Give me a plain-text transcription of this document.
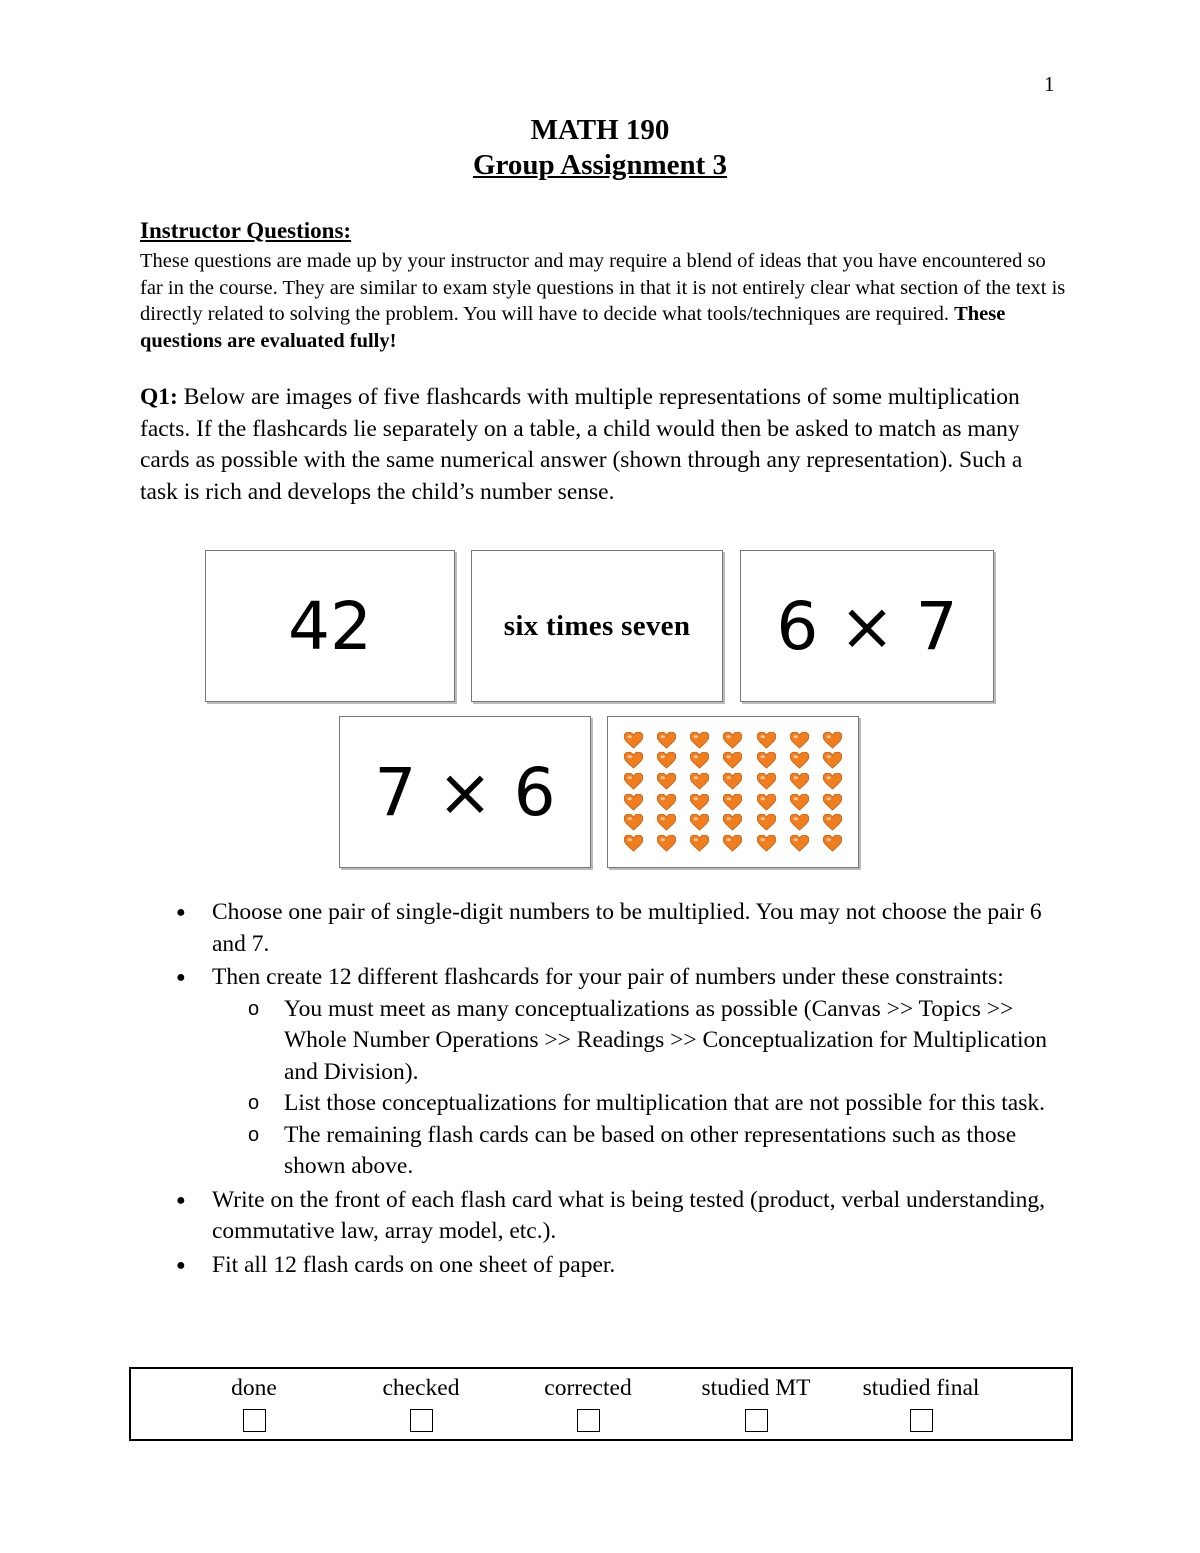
1
MATH 190
Group Assignment 3
Instructor Questions:
These questions are made up by your instructor and may require a blend of ideas that you have encountered so far in the course. They are similar to exam style questions in that it is not entirely clear what section of the text is directly related to solving the problem. You will have to decide what tools/techniques are required. These questions are evaluated fully!
Q1: Below are images of five flashcards with multiple representations of some multiplication facts. If the flashcards lie separately on a table, a child would then be asked to match as many cards as possible with the same numerical answer (shown through any representation). Such a task is rich and develops the child’s number sense.
42	six times seven 6 × 7
7 × 6
● Choose one pair of single-digit numbers to be multiplied. You may not choose the pair 6 and 7.
● Then create 12 different flashcards for your pair of numbers under these constraints:
o You must meet as many conceptualizations as possible (Canvas >> Topics >> Whole Number Operations >> Readings >> Conceptualization for Multiplication and Division).
o List those conceptualizations for multiplication that are not possible for this task.
o The remaining flash cards can be based on other representations such as those shown above.
● Write on the front of each flash card what is being tested (product, verbal understanding, commutative law, array model, etc.).
● Fit all 12 flash cards on one sheet of paper.
done	checked	corrected	studied MT	studied final
